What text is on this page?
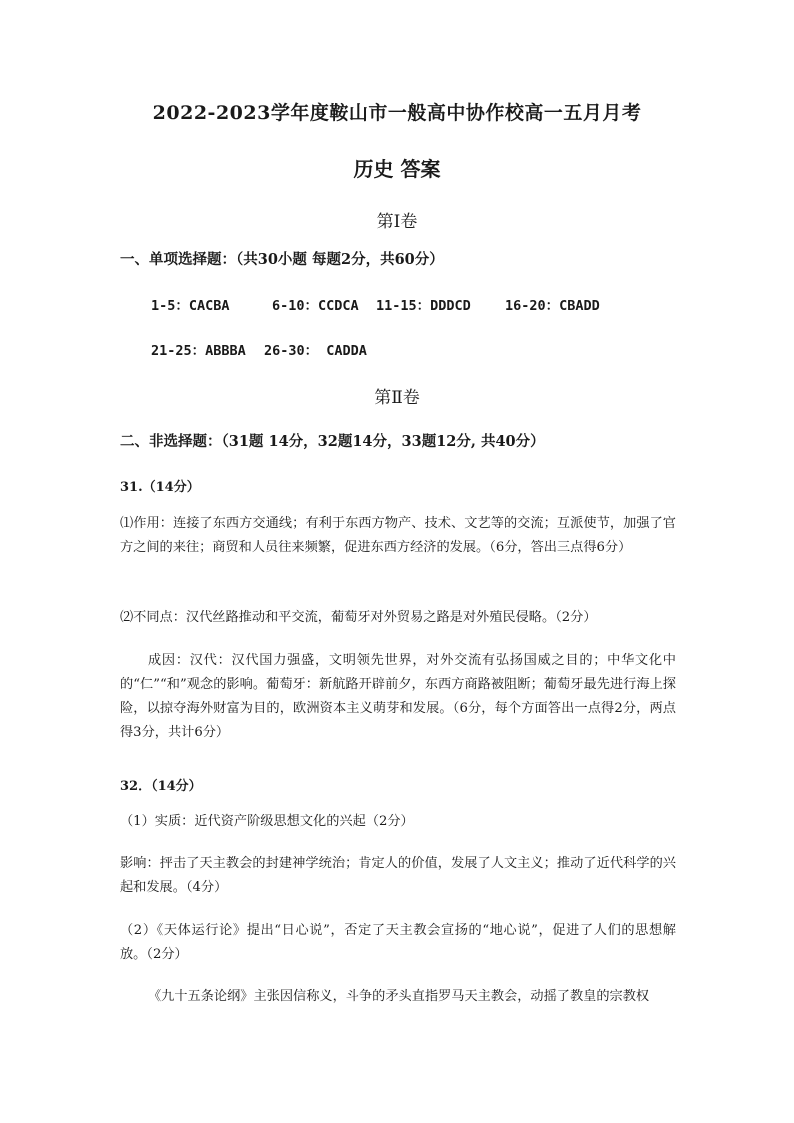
2022-2023学年度鞍山市一般高中协作校高一五月月考
历史 答案
第Ⅰ卷
一、单项选择题：（共30小题 每题2分，共60分）
1-5：CACBA	6-10：CCDCA 11-15：DDDCD	16-20：CBADD
21-25：ABBBA 26-30： CADDA
第Ⅱ卷
二、非选择题：（31题 14分，32题14分，33题12分, 共40分）
31.（14分）
⑴作用：连接了东西方交通线；有利于东西方物产、技术、文艺等的交流；互派使节，加强了官方之间的来往；商贸和人员往来频繁，促进东西方经济的发展。（6分，答出三点得6分）
⑵不同点：汉代丝路推动和平交流，葡萄牙对外贸易之路是对外殖民侵略。（2分）
成因：汉代：汉代国力强盛，文明领先世界，对外交流有弘扬国威之目的；中华文化中的“仁”“和”观念的影响。葡萄牙：新航路开辟前夕，东西方商路被阻断；葡萄牙最先进行海上探险，以掠夺海外财富为目的，欧洲资本主义萌芽和发展。（6分，每个方面答出一点得2分，两点得3分，共计6分）
32．（14分）
（1）实质：近代资产阶级思想文化的兴起（2分）
影响：抨击了天主教会的封建神学统治；肯定人的价值，发展了人文主义；推动了近代科学的兴起和发展。（4分）
（2）《天体运行论》提出“日心说”，否定了天主教会宣扬的“地心说”，促进了人们的思想解放。（2分）
《九十五条论纲》主张因信称义，斗争的矛头直指罗马天主教会，动摇了教皇的宗教权
